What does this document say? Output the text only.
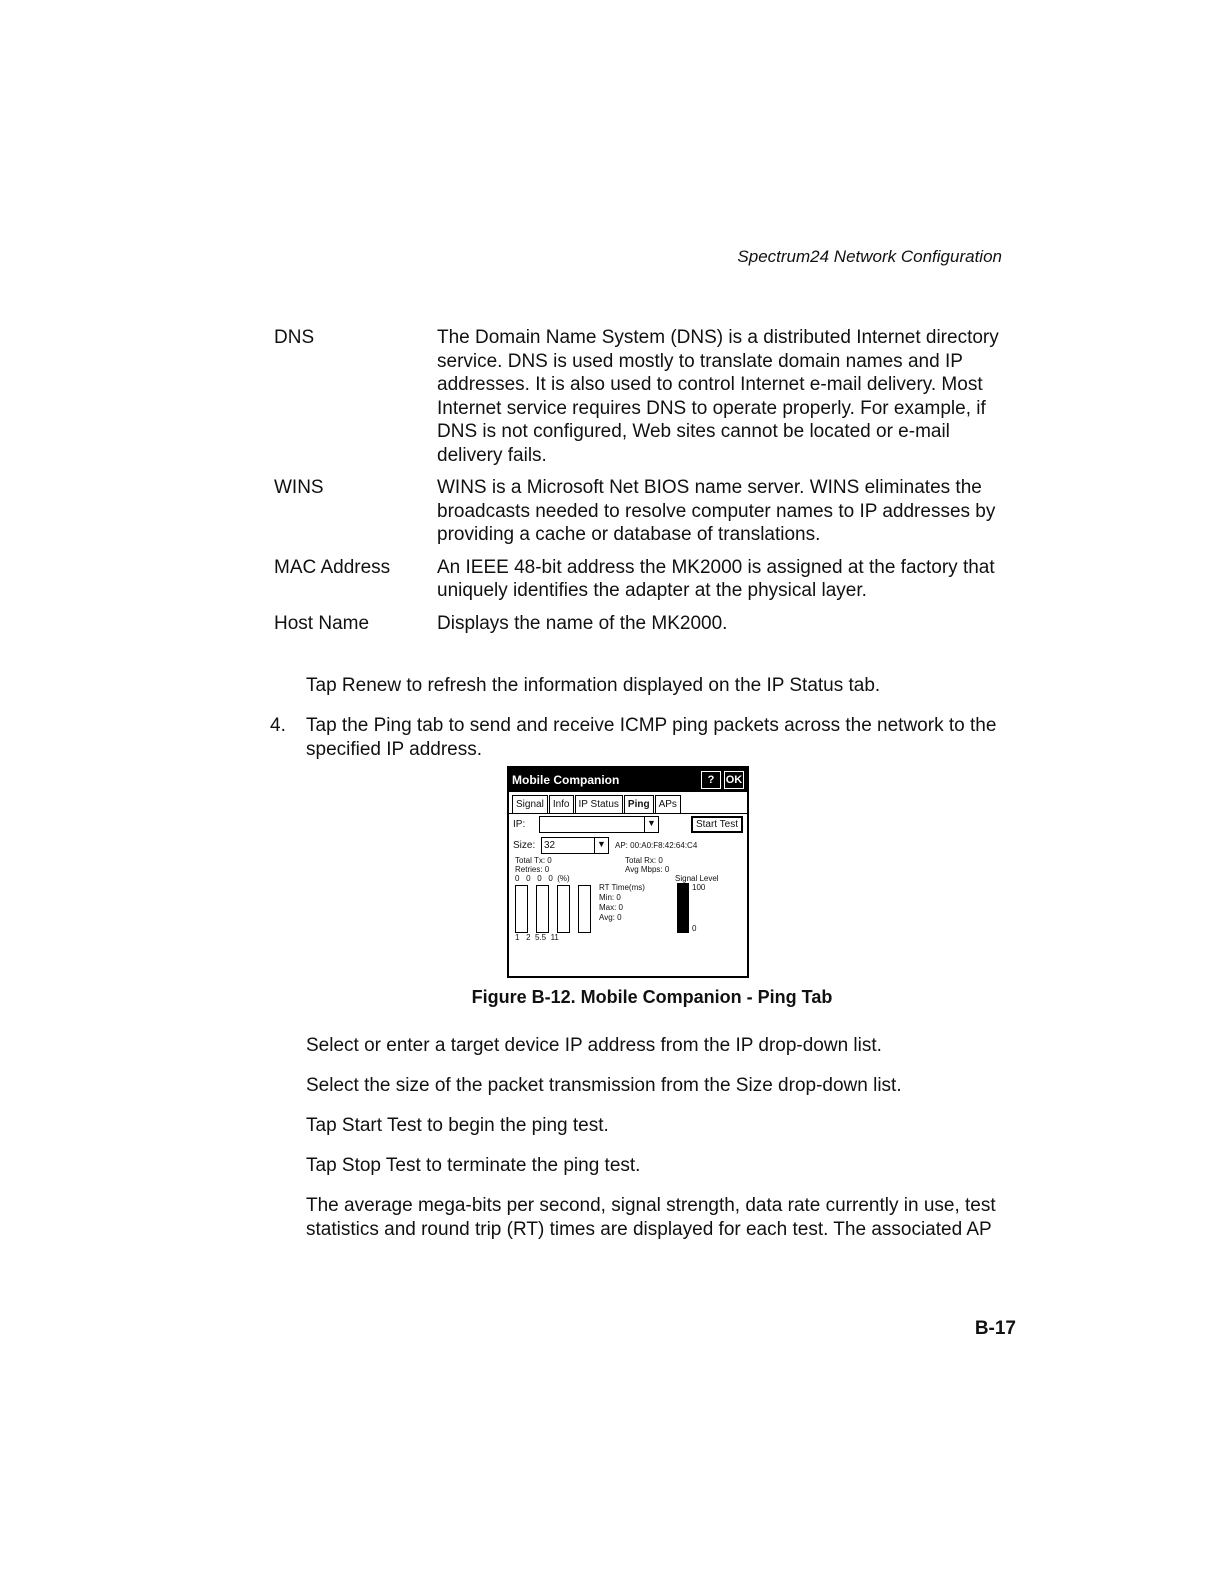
Spectrum24 Network Configuration
DNS	The Domain Name System (DNS) is a distributed Internet directory service. DNS is used mostly to translate domain names and IP addresses. It is also used to control Internet e-mail delivery. Most Internet service requires DNS to operate properly. For example, if DNS is not configured, Web sites cannot be located or e-mail delivery fails.
WINS	WINS is a Microsoft Net BIOS name server. WINS eliminates the broadcasts needed to resolve computer names to IP addresses by providing a cache or database of translations.
MAC Address	An IEEE 48-bit address the MK2000 is assigned at the factory that uniquely identifies the adapter at the physical layer.
Host Name	Displays the name of the MK2000.
Tap Renew to refresh the information displayed on the IP Status tab.
4.	Tap the Ping tab to send and receive ICMP ping packets across the network to the specified IP address.
Mobile Companion	?	OK
Signal Info IP Status Ping APs
IP:	▼	Start Test
Size: 32	▼ AP: 00:A0:F8:42:64:C4
Total Tx: 0	Total Rx: 0
Retries: 0	Avg Mbps: 0
0   0   0   0  (%)	Signal Level
RT Time(ms)
Min: 0
Max: 0
Avg: 0
100
0
1   2  5.5  11
Figure B-12. Mobile Companion - Ping Tab
Select or enter a target device IP address from the IP drop-down list.
Select the size of the packet transmission from the Size drop-down list.
Tap Start Test to begin the ping test.
Tap Stop Test to terminate the ping test.
The average mega-bits per second, signal strength, data rate currently in use, test statistics and round trip (RT) times are displayed for each test. The associated AP
B-17
